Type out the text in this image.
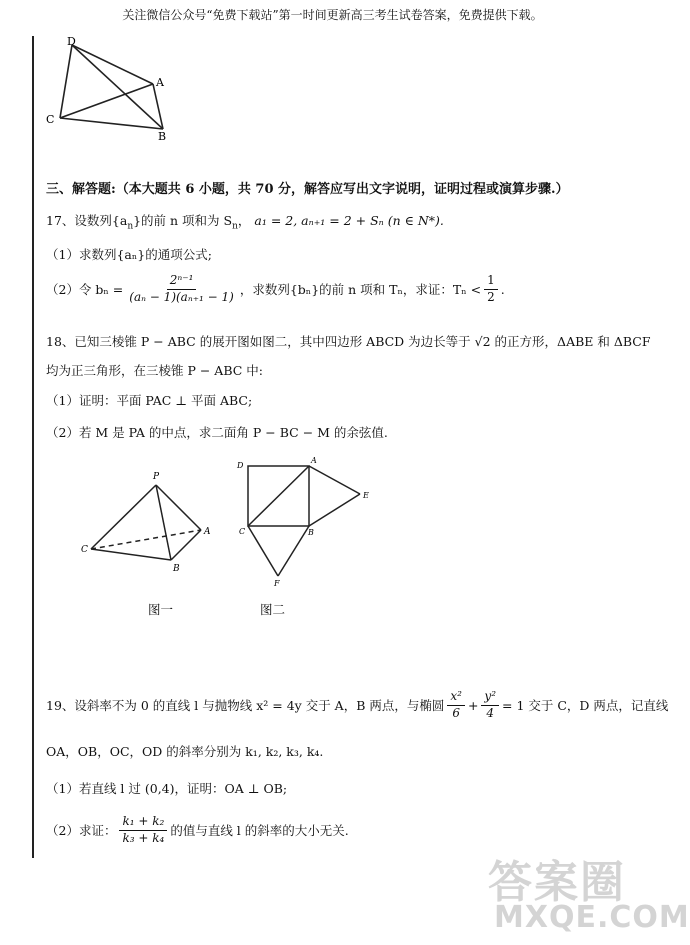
关注微信公众号“免费下载站”第一时间更新高三考生试卷答案，免费提供下载。
D
A
C
B
三、解答题:（本大题共 6 小题，共 70 分，解答应写出文字说明，证明过程或演算步骤.）
17、设数列$\{a_n\}$的前 n 项和为 $S_n$， a₁ = 2, aₙ₊₁ = 2 + Sₙ (n ∈ N*).
（1）求数列{aₙ}的通项公式;
（2）令 $b_n = \frac{\text{2ⁿ⁻¹}}{\text{(aₙ − 1)(aₙ₊₁ − 1)}}$ ，求数列{bₙ}的前 n 项和 Tₙ，求证：$T_n < \frac{1}{2}$ .
18、已知三棱锥 P − ABC 的展开图如图二，其中四边形 ABCD 为边长等于 √2 的正方形，ΔABE 和 ΔBCF
均为正三角形，在三棱锥 P − ABC 中:
（1）证明：平面 PAC ⊥ 平面 ABC;
（2）若 M 是 PA 的中点，求二面角 P − BC − M 的余弦值.
P
A
C
B
图一
D
A
E
C	B
F
图二
19、设斜率不为 0 的直线 l 与抛物线 x² = 4y 交于 A，B 两点，与椭圆 $\frac{\text{x²}}{6} + \frac{\text{y²}}{4} = 1$ 交于 C，D 两点，记直线
OA，OB，OC，OD 的斜率分别为 k₁, k₂, k₃, k₄.
（1）若直线 l 过 (0,4)，证明：OA ⊥ OB;
（2）求证： $\frac{\text{k₁ + k₂}}{\text{k₃ + k₄}}$ 的值与直线 l 的斜率的大小无关.
答案圈
MXQE.COM
